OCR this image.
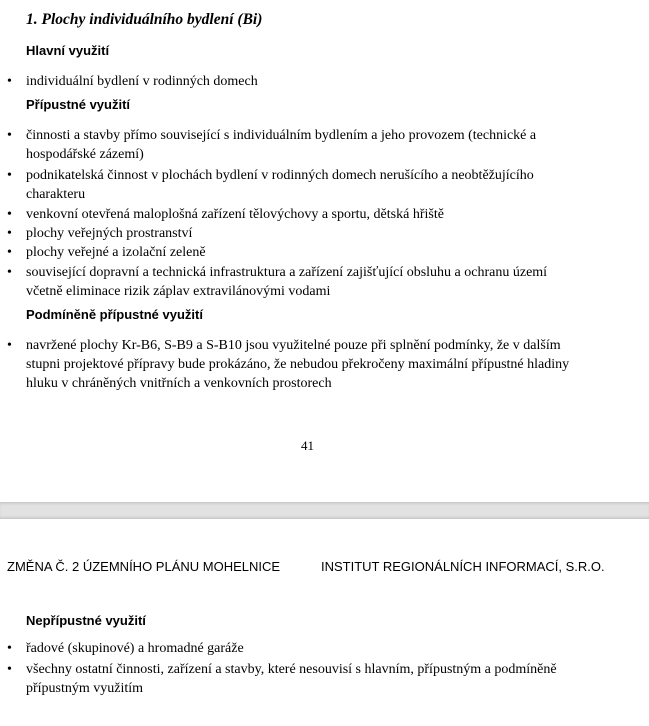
1. Plochy individuálního bydlení (Bi)
Hlavní využití
• individuální bydlení v rodinných domech
Přípustné využití
• činnosti a stavby přímo související s individuálním bydlením a jeho provozem (technické a
hospodářské zázemí)
• podnikatelská činnost v plochách bydlení v rodinných domech nerušícího a neobtěžujícího
charakteru
• venkovní otevřená maloplošná zařízení tělovýchovy a sportu, dětská hřiště
• plochy veřejných prostranství
• plochy veřejné a izolační zeleně
• související dopravní a technická infrastruktura a zařízení zajišťující obsluhu a ochranu území
včetně eliminace rizik záplav extravilánovými vodami
Podmíněně přípustné využití
• navržené plochy Kr-B6, S-B9 a S-B10 jsou využitelné pouze při splnění podmínky, že v dalším
stupni projektové přípravy bude prokázáno, že nebudou překročeny maximální přípustné hladiny
hluku v chráněných vnitřních a venkovních prostorech
41
ZMĚNA Č. 2 ÚZEMNÍHO PLÁNU MOHELNICE	INSTITUT REGIONÁLNÍCH INFORMACÍ, S.R.O.
Nepřípustné využití
• řadové (skupinové) a hromadné garáže
• všechny ostatní činnosti, zařízení a stavby, které nesouvisí s hlavním, přípustným a podmíněně
přípustným využitím
